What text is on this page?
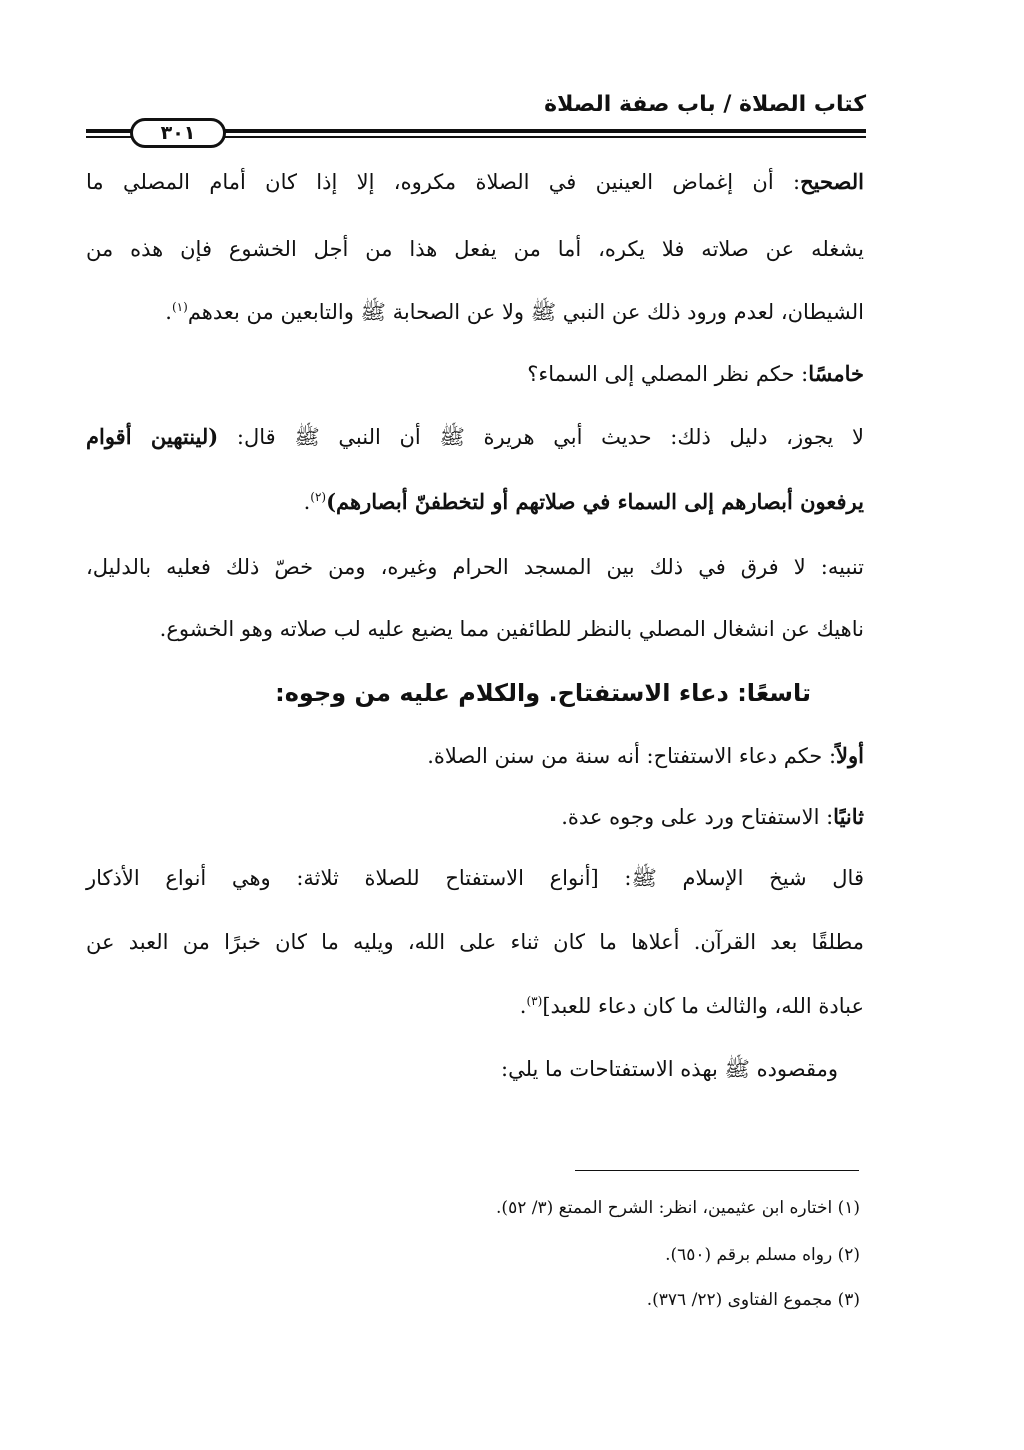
كتاب الصلاة / باب صفة الصلاة
٣٠١

الصحيح: أن إغماض العينين في الصلاة مكروه، إلا إذا كان أمام المصلي ما

يشغله عن صلاته فلا يكره، أما من يفعل هذا من أجل الخشوع فإن هذه من

الشيطان، لعدم ورود ذلك عن النبي ﷺ ولا عن الصحابة ﷺ والتابعين من بعدهم$^{(١)}$.

خامسًا: حكم نظر المصلي إلى السماء؟

لا يجوز، دليل ذلك: حديث أبي هريرة ﷺ أن النبي ﷺ قال: (لينتهين أقوام

يرفعون أبصارهم إلى السماء في صلاتهم أو لتخطفنّ أبصارهم)$^{(٢)}$.

تنبيه: لا فرق في ذلك بين المسجد الحرام وغيره، ومن خصّ ذلك فعليه بالدليل،

ناهيك عن انشغال المصلي بالنظر للطائفين مما يضيع عليه لب صلاته وهو الخشوع.

تاسعًا: دعاء الاستفتاح. والكلام عليه من وجوه:

أولاً: حكم دعاء الاستفتاح: أنه سنة من سنن الصلاة.

ثانيًا: الاستفتاح ورد على وجوه عدة.

قال شيخ الإسلام ﷺ: [أنواع الاستفتاح للصلاة ثلاثة: وهي أنواع الأذكار

مطلقًا بعد القرآن. أعلاها ما كان ثناء على الله، ويليه ما كان خبرًا من العبد عن

عبادة الله، والثالث ما كان دعاء للعبد]$^{(٣)}$.

ومقصوده ﷺ بهذه الاستفتاحات ما يلي:

(١) اختاره ابن عثيمين، انظر: الشرح الممتع (٣/ ٥٢).

(٢) رواه مسلم برقم (٦٥٠).

(٣) مجموع الفتاوى (٢٢/ ٣٧٦).
